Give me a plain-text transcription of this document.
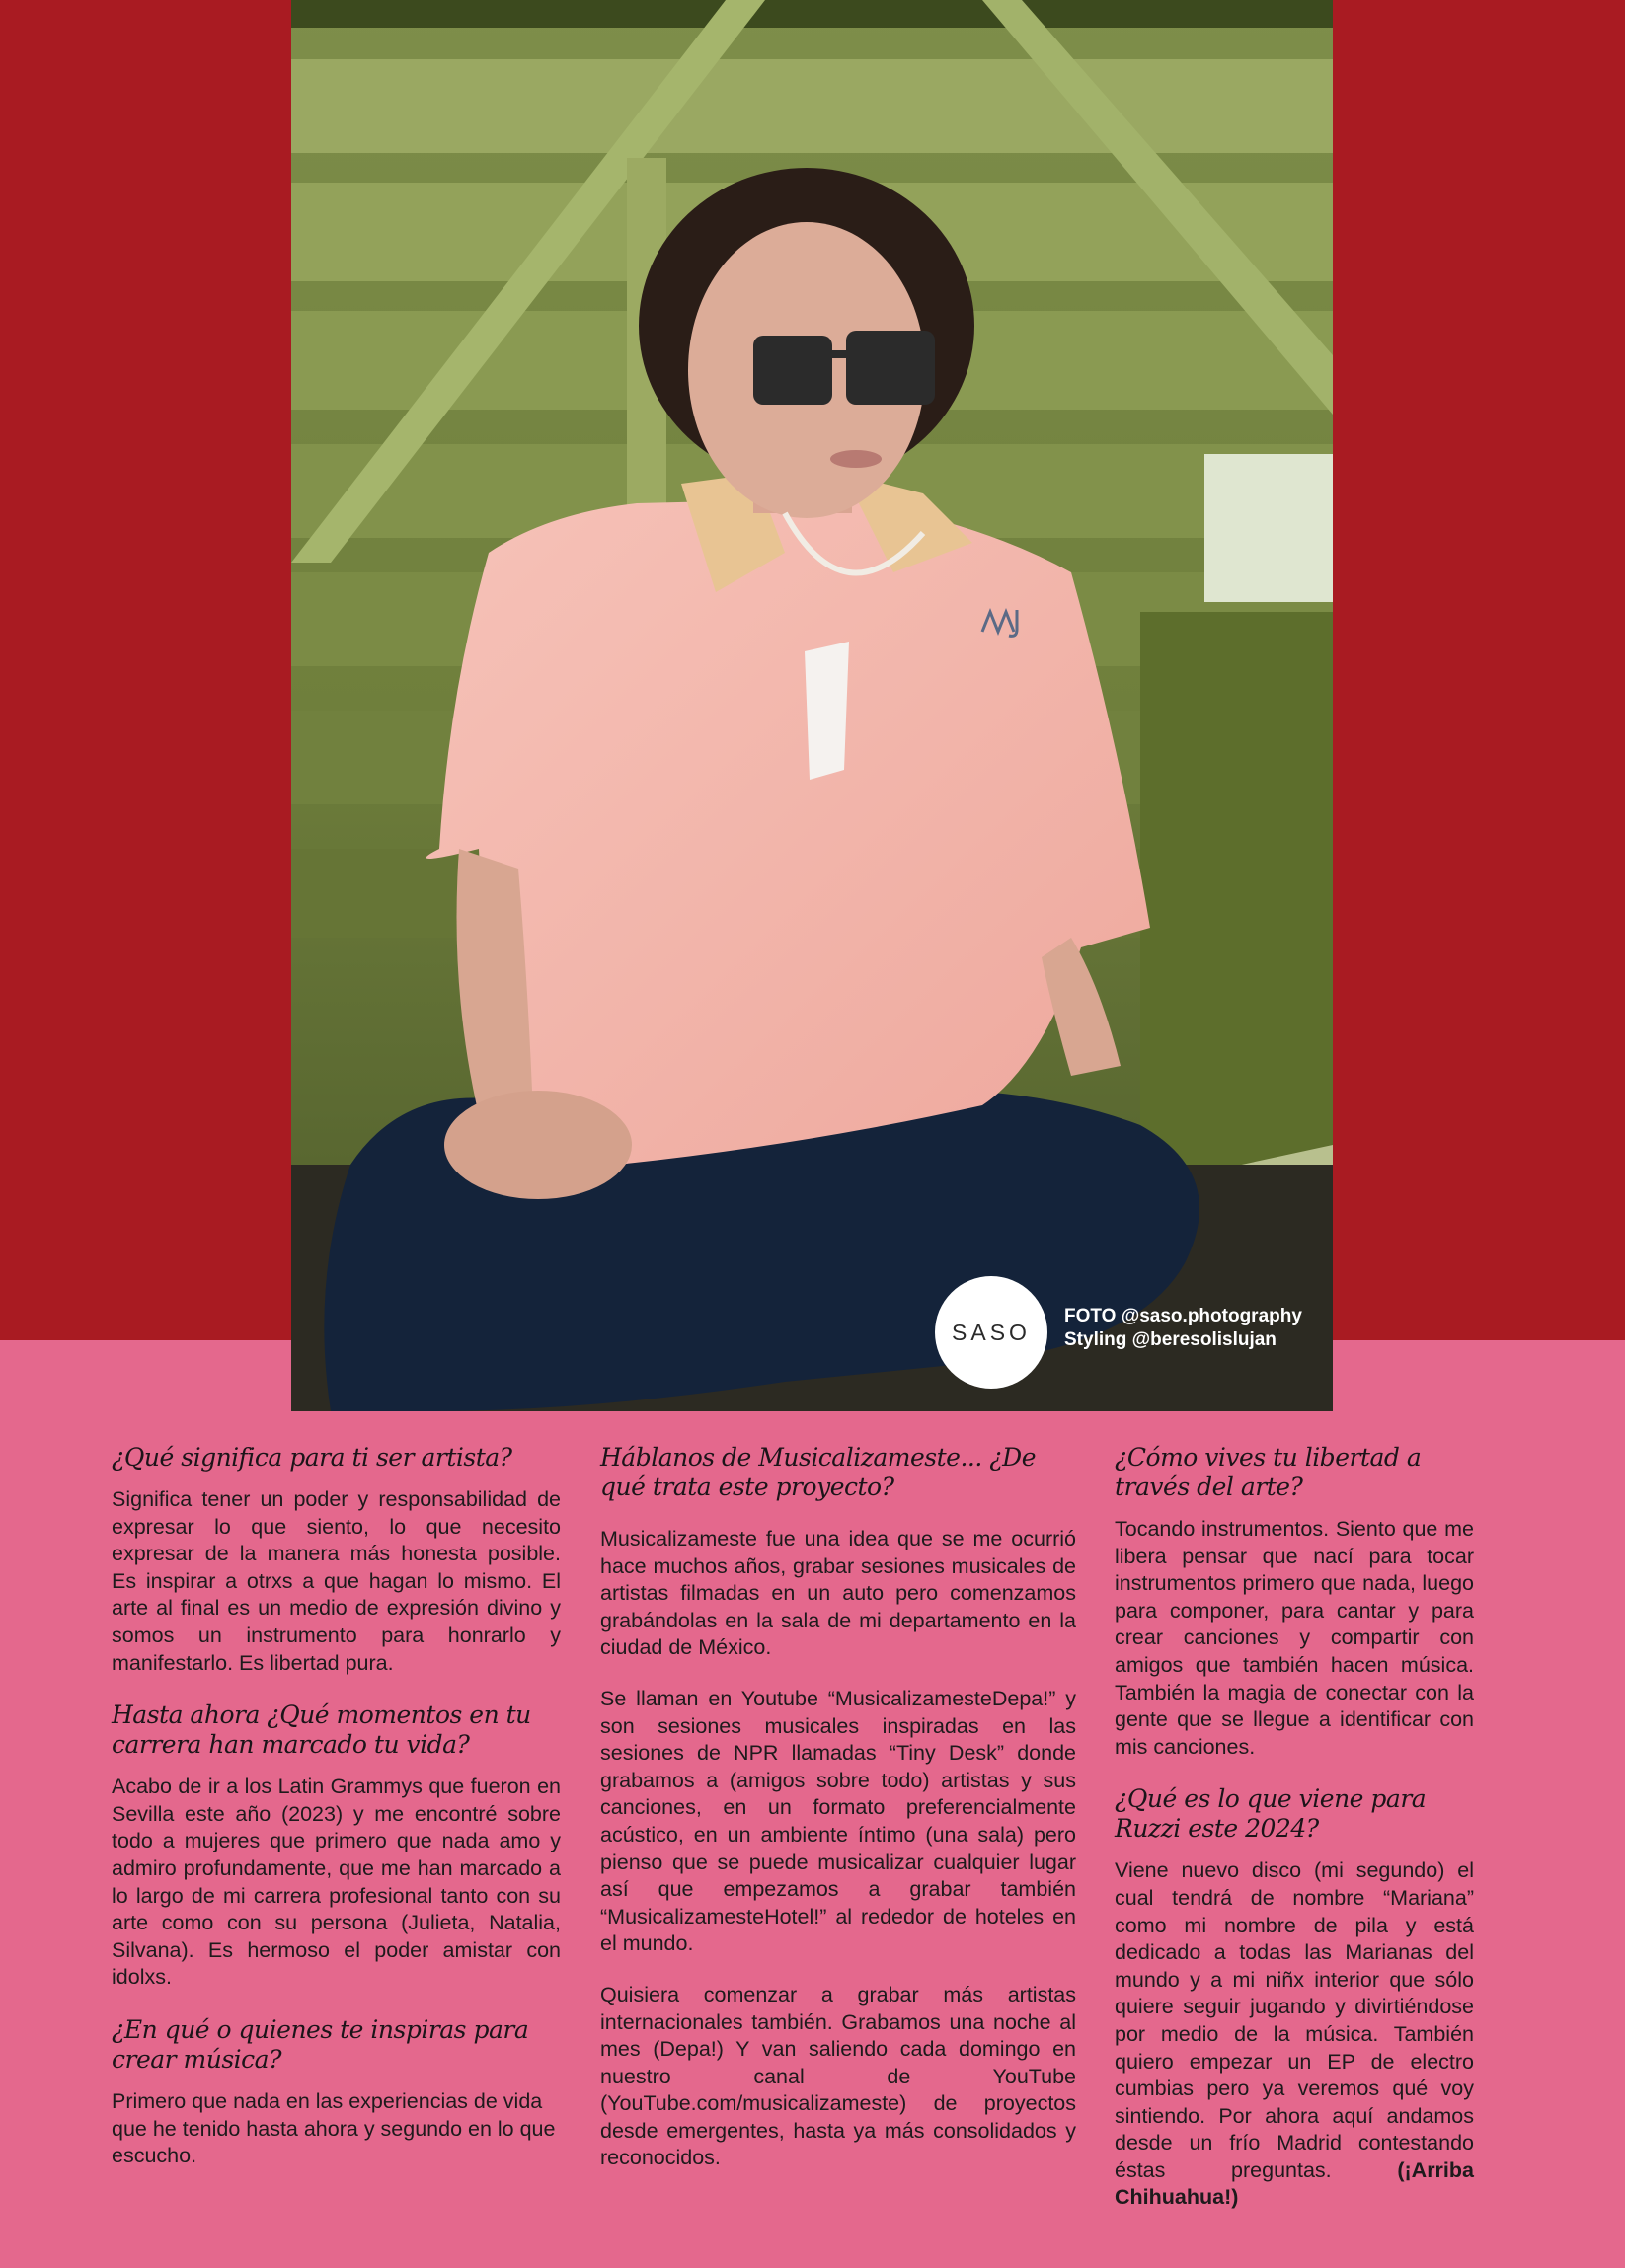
SASO
FOTO @saso.photography
Styling @beresolislujan
¿Qué significa para ti ser artista?

Significa tener un poder y responsabilidad de expresar lo que siento, lo que necesito expresar de la manera más honesta posible. Es inspirar a otrxs a que hagan lo mismo. El arte al final es un medio de expresión divino y somos un instrumento para honrarlo y manifestarlo. Es libertad pura.

Hasta ahora ¿Qué momentos en tu carrera han marcado tu vida?

Acabo de ir a los Latin Grammys que fueron en Sevilla este año (2023) y me encontré sobre todo a mujeres que primero que nada amo y admiro profundamente, que me han marcado a lo largo de mi carrera profesional tanto con su arte como con su persona (Julieta, Natalia, Silvana). Es hermoso el poder amistar con idolxs.

¿En qué o quienes te inspiras para crear música?

Primero que nada en las experiencias de vida que he tenido hasta ahora y segundo en lo que escucho.

Háblanos de Musicalizameste... ¿De qué trata este proyecto?

Musicalizameste fue una idea que se me ocurrió hace muchos años, grabar sesiones musicales de artistas filmadas en un auto pero comenzamos grabándolas en la sala de mi departamento en la ciudad de México.

Se llaman en Youtube “MusicalizamesteDepa!” y son sesiones musicales inspiradas en las sesiones de NPR llamadas “Tiny Desk” donde grabamos a (amigos sobre todo) artistas y sus canciones, en un formato preferencialmente acústico, en un ambiente íntimo (una sala) pero pienso que se puede musicalizar cualquier lugar así que empezamos a grabar también “MusicalizamesteHotel!” al rededor de hoteles en el mundo.

Quisiera comenzar a grabar más artistas internacionales también. Grabamos una noche al mes (Depa!) Y van saliendo cada domingo en nuestro canal de YouTube (YouTube.com/musicalizameste) de proyectos desde emergentes, hasta ya más consolidados y reconocidos.

¿Cómo vives tu libertad a través del arte?

Tocando instrumentos. Siento que me libera pensar que nací para tocar instrumentos primero que nada, luego para componer, para cantar y para crear canciones y compartir con amigos que también hacen música. También la magia de conectar con la gente que se llegue a identificar con mis canciones.

¿Qué es lo que viene para Ruzzi este 2024?

Viene nuevo disco (mi segundo) el cual tendrá de nombre “Mariana” como mi nombre de pila y está dedicado a todas las Marianas del mundo y a mi niñx interior que sólo quiere seguir jugando y divirtiéndose por medio de la música. También quiero empezar un EP de electro cumbias pero ya veremos qué voy sintiendo. Por ahora aquí andamos desde un frío Madrid contestando éstas preguntas.	(¡Arriba Chihuahua!)
